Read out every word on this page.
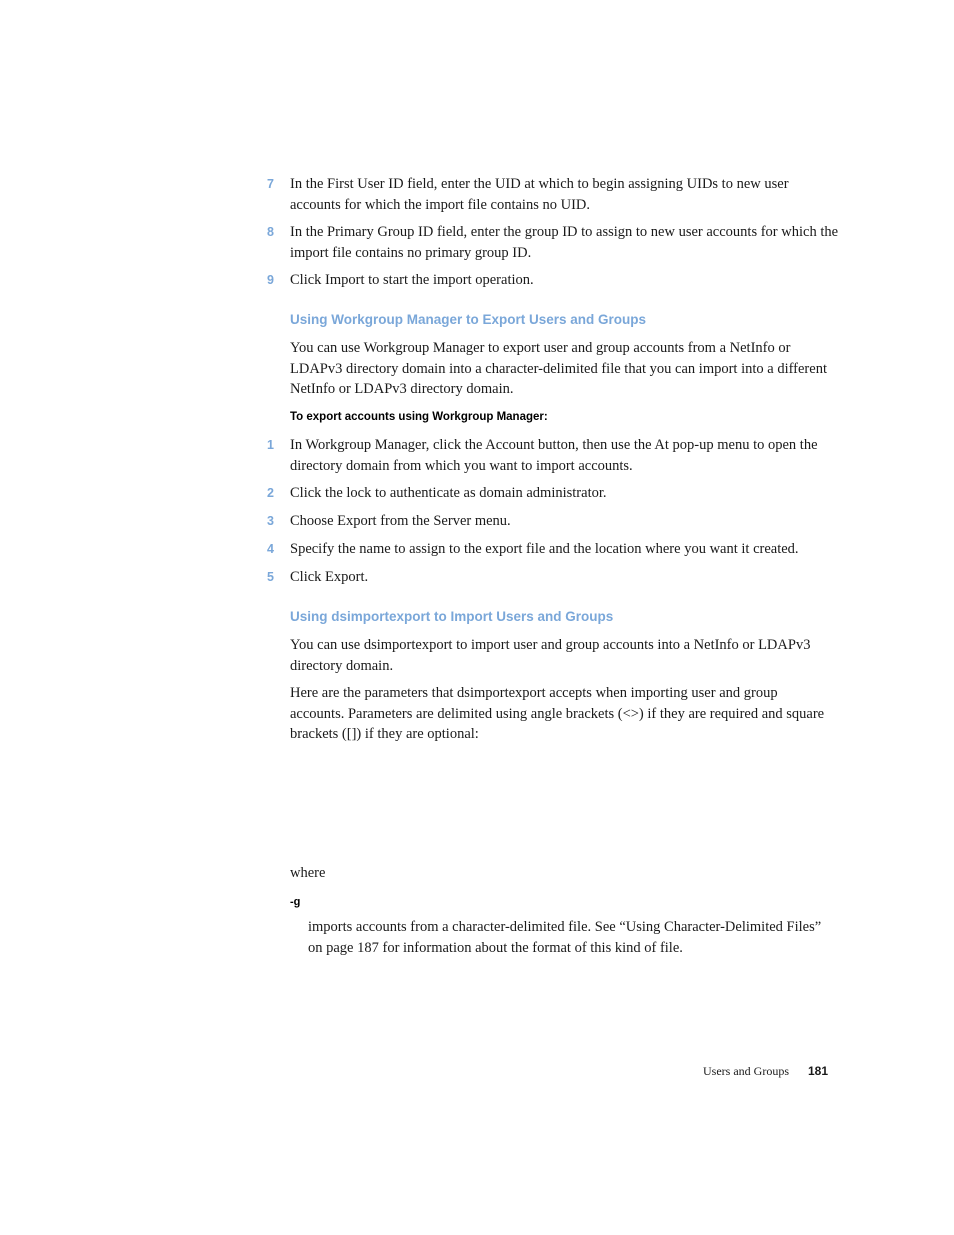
7 In the First User ID field, enter the UID at which to begin assigning UIDs to new user accounts for which the import file contains no UID.
8 In the Primary Group ID field, enter the group ID to assign to new user accounts for which the import file contains no primary group ID.
9 Click Import to start the import operation.
Using Workgroup Manager to Export Users and Groups
You can use Workgroup Manager to export user and group accounts from a NetInfo or LDAPv3 directory domain into a character-delimited file that you can import into a different NetInfo or LDAPv3 directory domain.
To export accounts using Workgroup Manager:
1 In Workgroup Manager, click the Account button, then use the At pop-up menu to open the directory domain from which you want to import accounts.
2 Click the lock to authenticate as domain administrator.
3 Choose Export from the Server menu.
4 Specify the name to assign to the export file and the location where you want it created.
5 Click Export.
Using dsimportexport to Import Users and Groups
You can use dsimportexport to import user and group accounts into a NetInfo or LDAPv3 directory domain.
Here are the parameters that dsimportexport accepts when importing user and group accounts. Parameters are delimited using angle brackets (<>) if they are required and square brackets ([]) if they are optional:
where
-g
imports accounts from a character-delimited file. See “Using Character-Delimited Files” on page 187 for information about the format of this kind of file.
Users and Groups 181
